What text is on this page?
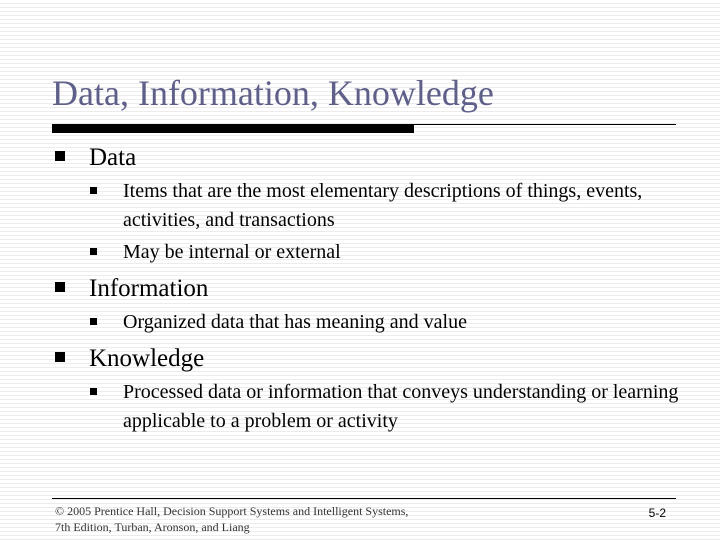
Data, Information, Knowledge
Data
Items that are the most elementary descriptions of things, events, activities, and transactions
May be internal or external
Information
Organized data that has meaning and value
Knowledge
Processed data or information that conveys understanding or learning applicable to a problem or activity
© 2005 Prentice Hall, Decision Support Systems and Intelligent Systems, 7th Edition, Turban, Aronson, and Liang
5-2
